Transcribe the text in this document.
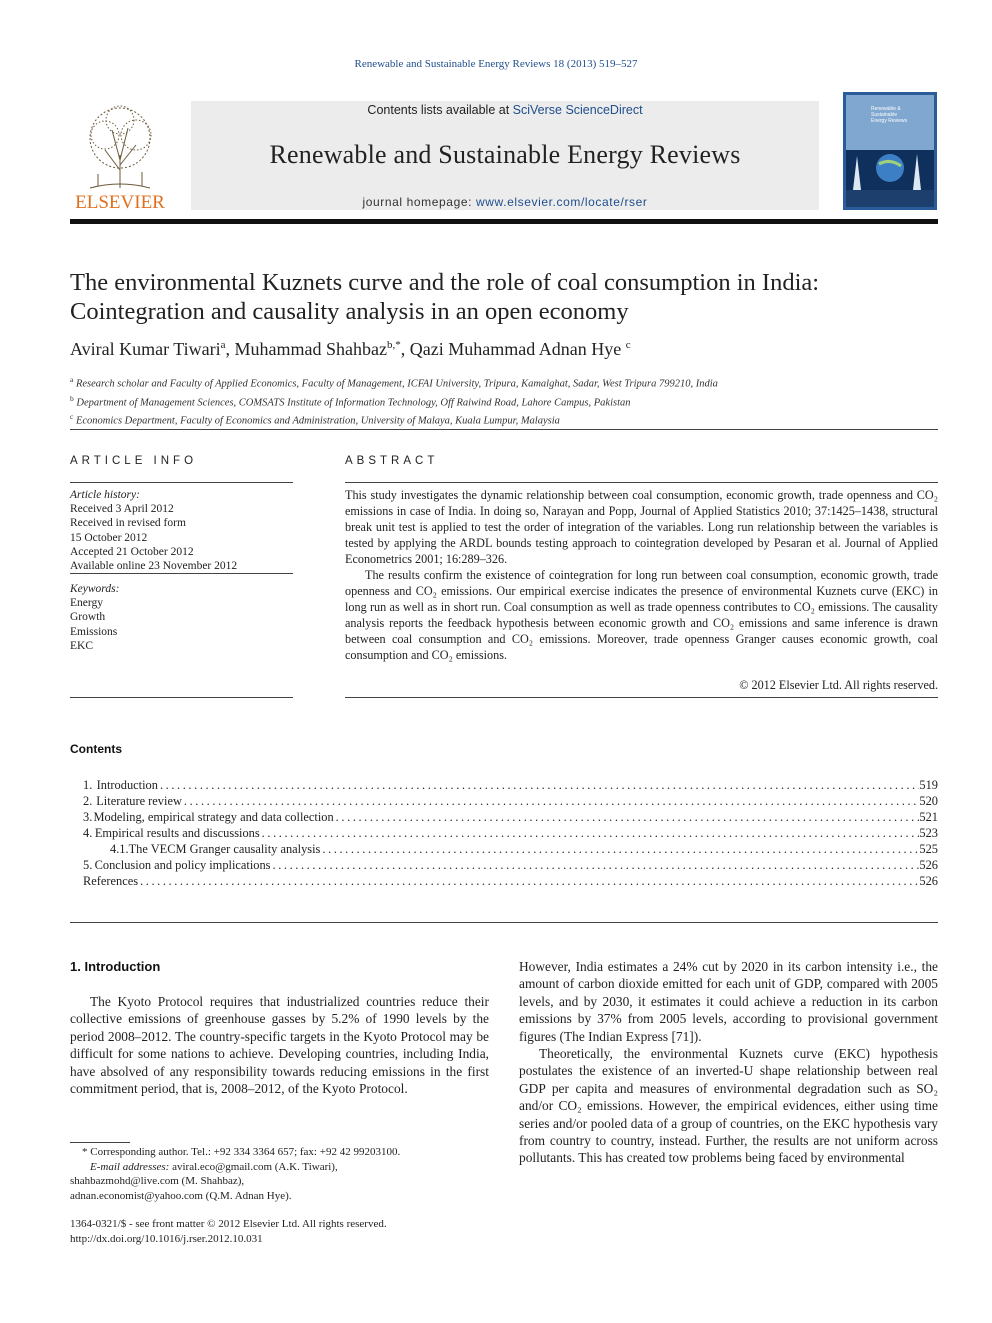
Renewable and Sustainable Energy Reviews 18 (2013) 519–527
ELSEVIER
Contents lists available at SciVerse ScienceDirect
Renewable and Sustainable Energy Reviews
journal homepage: www.elsevier.com/locate/rser
Renewable &
Sustainable
Energy Reviews
The environmental Kuznets curve and the role of coal consumption in India: Cointegration and causality analysis in an open economy
Aviral Kumar Tiwari$^a$, Muhammad Shahbaz$^{b,*}$, Qazi Muhammad Adnan Hye $^c$
$^a$ Research scholar and Faculty of Applied Economics, Faculty of Management, ICFAI University, Tripura, Kamalghat, Sadar, West Tripura 799210, India
$^b$ Department of Management Sciences, COMSATS Institute of Information Technology, Off Raiwind Road, Lahore Campus, Pakistan
$^c$ Economics Department, Faculty of Economics and Administration, University of Malaya, Kuala Lumpur, Malaysia
ARTICLE INFO
Article history:
Received 3 April 2012
Received in revised form
15 October 2012
Accepted 21 October 2012
Available online 23 November 2012
Keywords:
Energy
Growth
Emissions
EKC
ABSTRACT

This study investigates the dynamic relationship between coal consumption, economic growth, trade openness and CO₂ emissions in case of India. In doing so, Narayan and Popp, Journal of Applied Statistics 2010; 37:1425–1438, structural break unit test is applied to test the order of integration of the variables. Long run relationship between the variables is tested by applying the ARDL bounds testing approach to cointegration developed by Pesaran et al. Journal of Applied Econometrics 2001; 16:289–326.

The results confirm the existence of cointegration for long run between coal consumption, economic growth, trade openness and CO₂ emissions. Our empirical exercise indicates the presence of environmental Kuznets curve (EKC) in long run as well as in short run. Coal consumption as well as trade openness contributes to CO₂ emissions. The causality analysis reports the feedback hypothesis between economic growth and CO₂ emissions and same inference is drawn between coal consumption and CO₂ emissions. Moreover, trade openness Granger causes economic growth, coal consumption and CO₂ emissions.

© 2012 Elsevier Ltd. All rights reserved.
Contents
1. Introduction .....	519
2. Literature review .....	520
3. Modeling, empirical strategy and data collection .....	521
4. Empirical results and discussions .....	523
4.1. The VECM Granger causality analysis .....	525
5. Conclusion and policy implications .....	526
References .....	526
1. Introduction

The Kyoto Protocol requires that industrialized countries reduce their collective emissions of greenhouse gasses by 5.2% of 1990 levels by the period 2008–2012. The country-specific targets in the Kyoto Protocol may be difficult for some nations to achieve. Developing countries, including India, have absolved of any responsibility towards reducing emissions in the first commitment period, that is, 2008–2012, of the Kyoto Protocol.

However, India estimates a 24% cut by 2020 in its carbon intensity i.e., the amount of carbon dioxide emitted for each unit of GDP, compared with 2005 levels, and by 2030, it estimates it could achieve a reduction in its carbon emissions by 37% from 2005 levels, according to provisional government figures (The Indian Express [71]).

Theoretically, the environmental Kuznets curve (EKC) hypothesis postulates the existence of an inverted-U shape relationship between real GDP per capita and measures of environmental degradation such as SO₂ and/or CO₂ emissions. However, the empirical evidences, either using time series and/or pooled data of a group of countries, on the EKC hypothesis vary from country to country, instead. Further, the results are not uniform across pollutants. This has created tow problems being faced by environmental

* Corresponding author. Tel.: +92 334 3364 657; fax: +92 42 99203100.
E-mail addresses: aviral.eco@gmail.com (A.K. Tiwari),
shahbazmohd@live.com (M. Shahbaz),
adnan.economist@yahoo.com (Q.M. Adnan Hye).
1364-0321/$ - see front matter © 2012 Elsevier Ltd. All rights reserved.
http://dx.doi.org/10.1016/j.rser.2012.10.031
